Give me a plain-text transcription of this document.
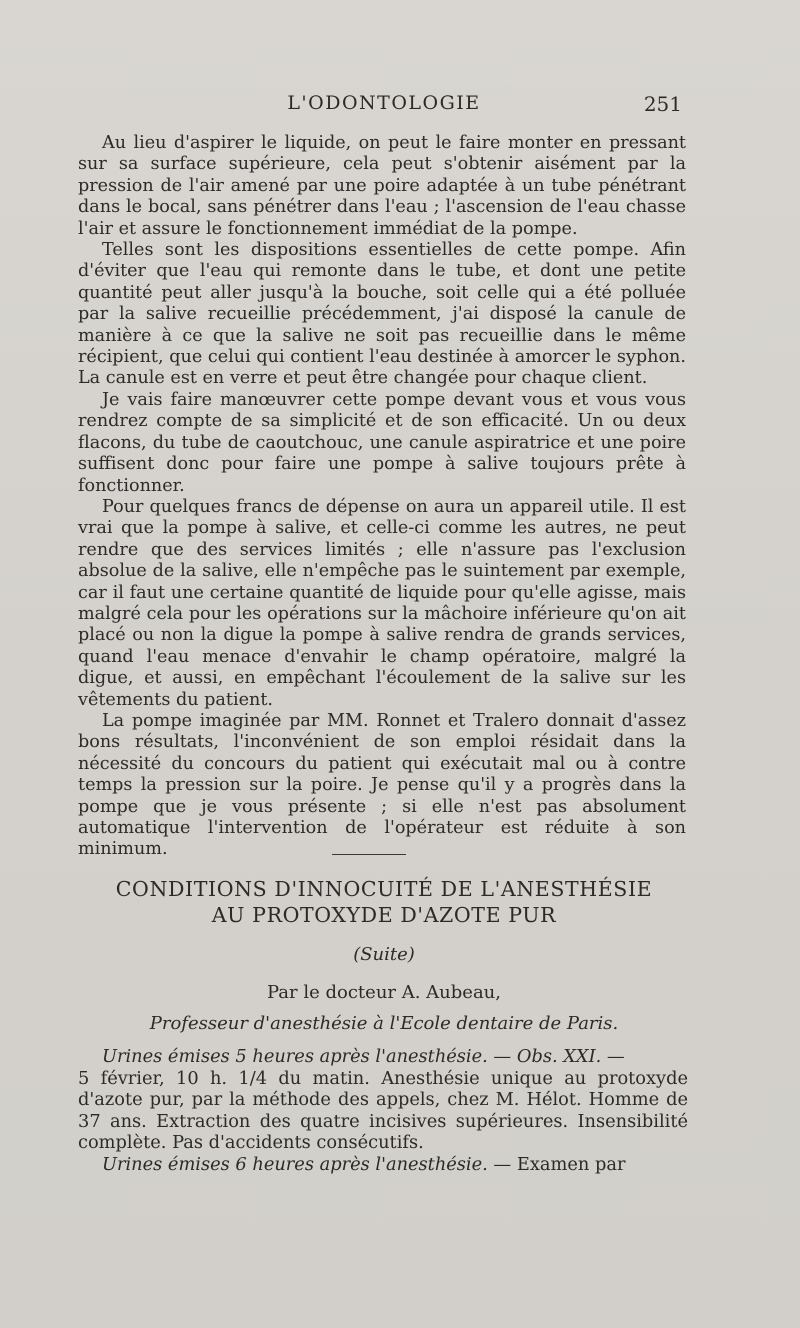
L'ODONTOLOGIE	251

Au lieu d'aspirer le liquide, on peut le faire monter en pressant sur sa surface supérieure, cela peut s'obtenir aisément par la pression de l'air amené par une poire adaptée à un tube pénétrant dans le bocal, sans pénétrer dans l'eau ; l'ascension de l'eau chasse l'air et assure le fonctionnement immédiat de la pompe.

Telles sont les dispositions essentielles de cette pompe. Afin d'éviter que l'eau qui remonte dans le tube, et dont une petite quantité peut aller jusqu'à la bouche, soit celle qui a été polluée par la salive recueillie précédemment, j'ai disposé la canule de manière à ce que la salive ne soit pas recueillie dans le même récipient, que celui qui contient l'eau destinée à amorcer le syphon. La canule est en verre et peut être changée pour chaque client.

Je vais faire manœuvrer cette pompe devant vous et vous vous rendrez compte de sa simplicité et de son efficacité. Un ou deux flacons, du tube de caoutchouc, une canule aspiratrice et une poire suffisent donc pour faire une pompe à salive toujours prête à fonctionner.

Pour quelques francs de dépense on aura un appareil utile. Il est vrai que la pompe à salive, et celle-ci comme les autres, ne peut rendre que des services limités ; elle n'assure pas l'exclusion absolue de la salive, elle n'empêche pas le suintement par exemple, car il faut une certaine quantité de liquide pour qu'elle agisse, mais malgré cela pour les opérations sur la mâchoire inférieure qu'on ait placé ou non la digue la pompe à salive rendra de grands services, quand l'eau menace d'envahir le champ opératoire, malgré la digue, et aussi, en empêchant l'écoulement de la salive sur les vêtements du patient.

La pompe imaginée par MM. Ronnet et Tralero donnait d'assez bons résultats, l'inconvénient de son emploi résidait dans la nécessité du concours du patient qui exécutait mal ou à contre temps la pression sur la poire. Je pense qu'il y a progrès dans la pompe que je vous présente ; si elle n'est pas absolument automatique l'intervention de l'opérateur est réduite à son minimum.

CONDITIONS D'INNOCUITÉ DE L'ANESTHÉSIE
AU PROTOXYDE D'AZOTE PUR
(Suite)
Par le docteur A. Aubeau,
Professeur d'anesthésie à l'Ecole dentaire de Paris.

Urines émises 5 heures après l'anesthésie. — Obs. XXI. —

5 février, 10 h. 1/4 du matin. Anesthésie unique au protoxyde d'azote pur, par la méthode des appels, chez M. Hélot. Homme de 37 ans. Extraction des quatre incisives supérieures. Insensibilité complète. Pas d'accidents consécutifs.

Urines émises 6 heures après l'anesthésie. — Examen par
